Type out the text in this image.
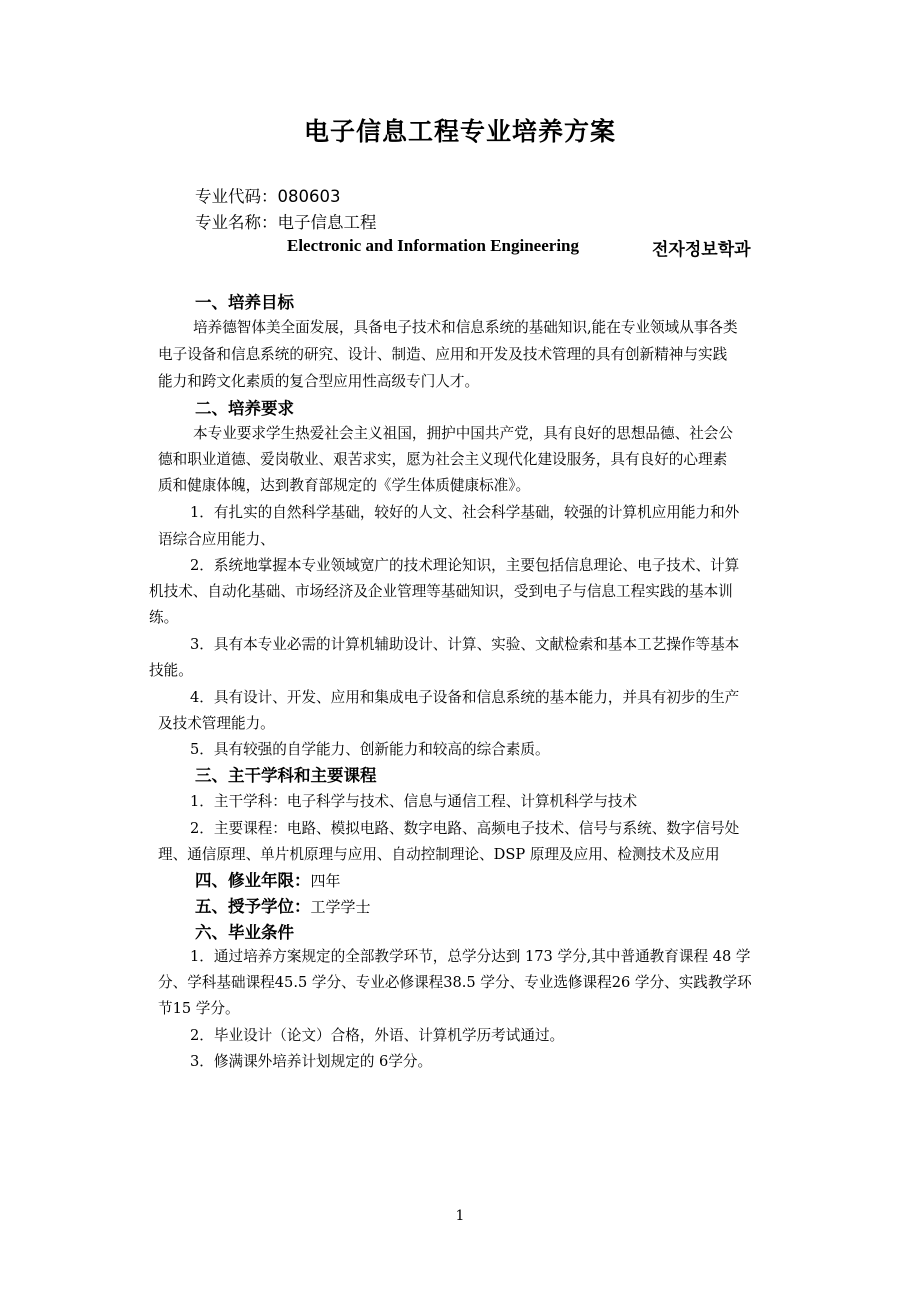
电子信息工程专业培养方案
专业代码：080603
专业名称：电子信息工程
Electronic and Information Engineering	전자정보학과
一、培养目标
培养德智体美全面发展，具备电子技术和信息系统的基础知识,能在专业领域从事各类
电子设备和信息系统的研究、设计、制造、应用和开发及技术管理的具有创新精神与实践
能力和跨文化素质的复合型应用性高级专门人才。
二、培养要求
本专业要求学生热爱社会主义祖国，拥护中国共产党，具有良好的思想品德、社会公
德和职业道德、爱岗敬业、艰苦求实，愿为社会主义现代化建设服务，具有良好的心理素
质和健康体魄，达到教育部规定的《学生体质健康标准》。
1．有扎实的自然科学基础，较好的人文、社会科学基础，较强的计算机应用能力和外
语综合应用能力、
2．系统地掌握本专业领域宽广的技术理论知识，主要包括信息理论、电子技术、计算
机技术、自动化基础、市场经济及企业管理等基础知识，受到电子与信息工程实践的基本训
练。
3．具有本专业必需的计算机辅助设计、计算、实验、文献检索和基本工艺操作等基本
技能。
4．具有设计、开发、应用和集成电子设备和信息系统的基本能力，并具有初步的生产
及技术管理能力。
5．具有较强的自学能力、创新能力和较高的综合素质。
三、主干学科和主要课程
1．主干学科：电子科学与技术、信息与通信工程、计算机科学与技术
2．主要课程：电路、模拟电路、数字电路、高频电子技术、信号与系统、数字信号处
理、通信原理、单片机原理与应用、自动控制理论、DSP 原理及应用、检测技术及应用
四、修业年限：四年
五、授予学位：工学学士
六、毕业条件
1．通过培养方案规定的全部教学环节，总学分达到 173 学分,其中普通教育课程 48 学
分、学科基础课程45.5 学分、专业必修课程38.5 学分、专业选修课程26 学分、实践教学环
节15 学分。
2．毕业设计（论文）合格，外语、计算机学历考试通过。
3．修满课外培养计划规定的 6学分。
1
